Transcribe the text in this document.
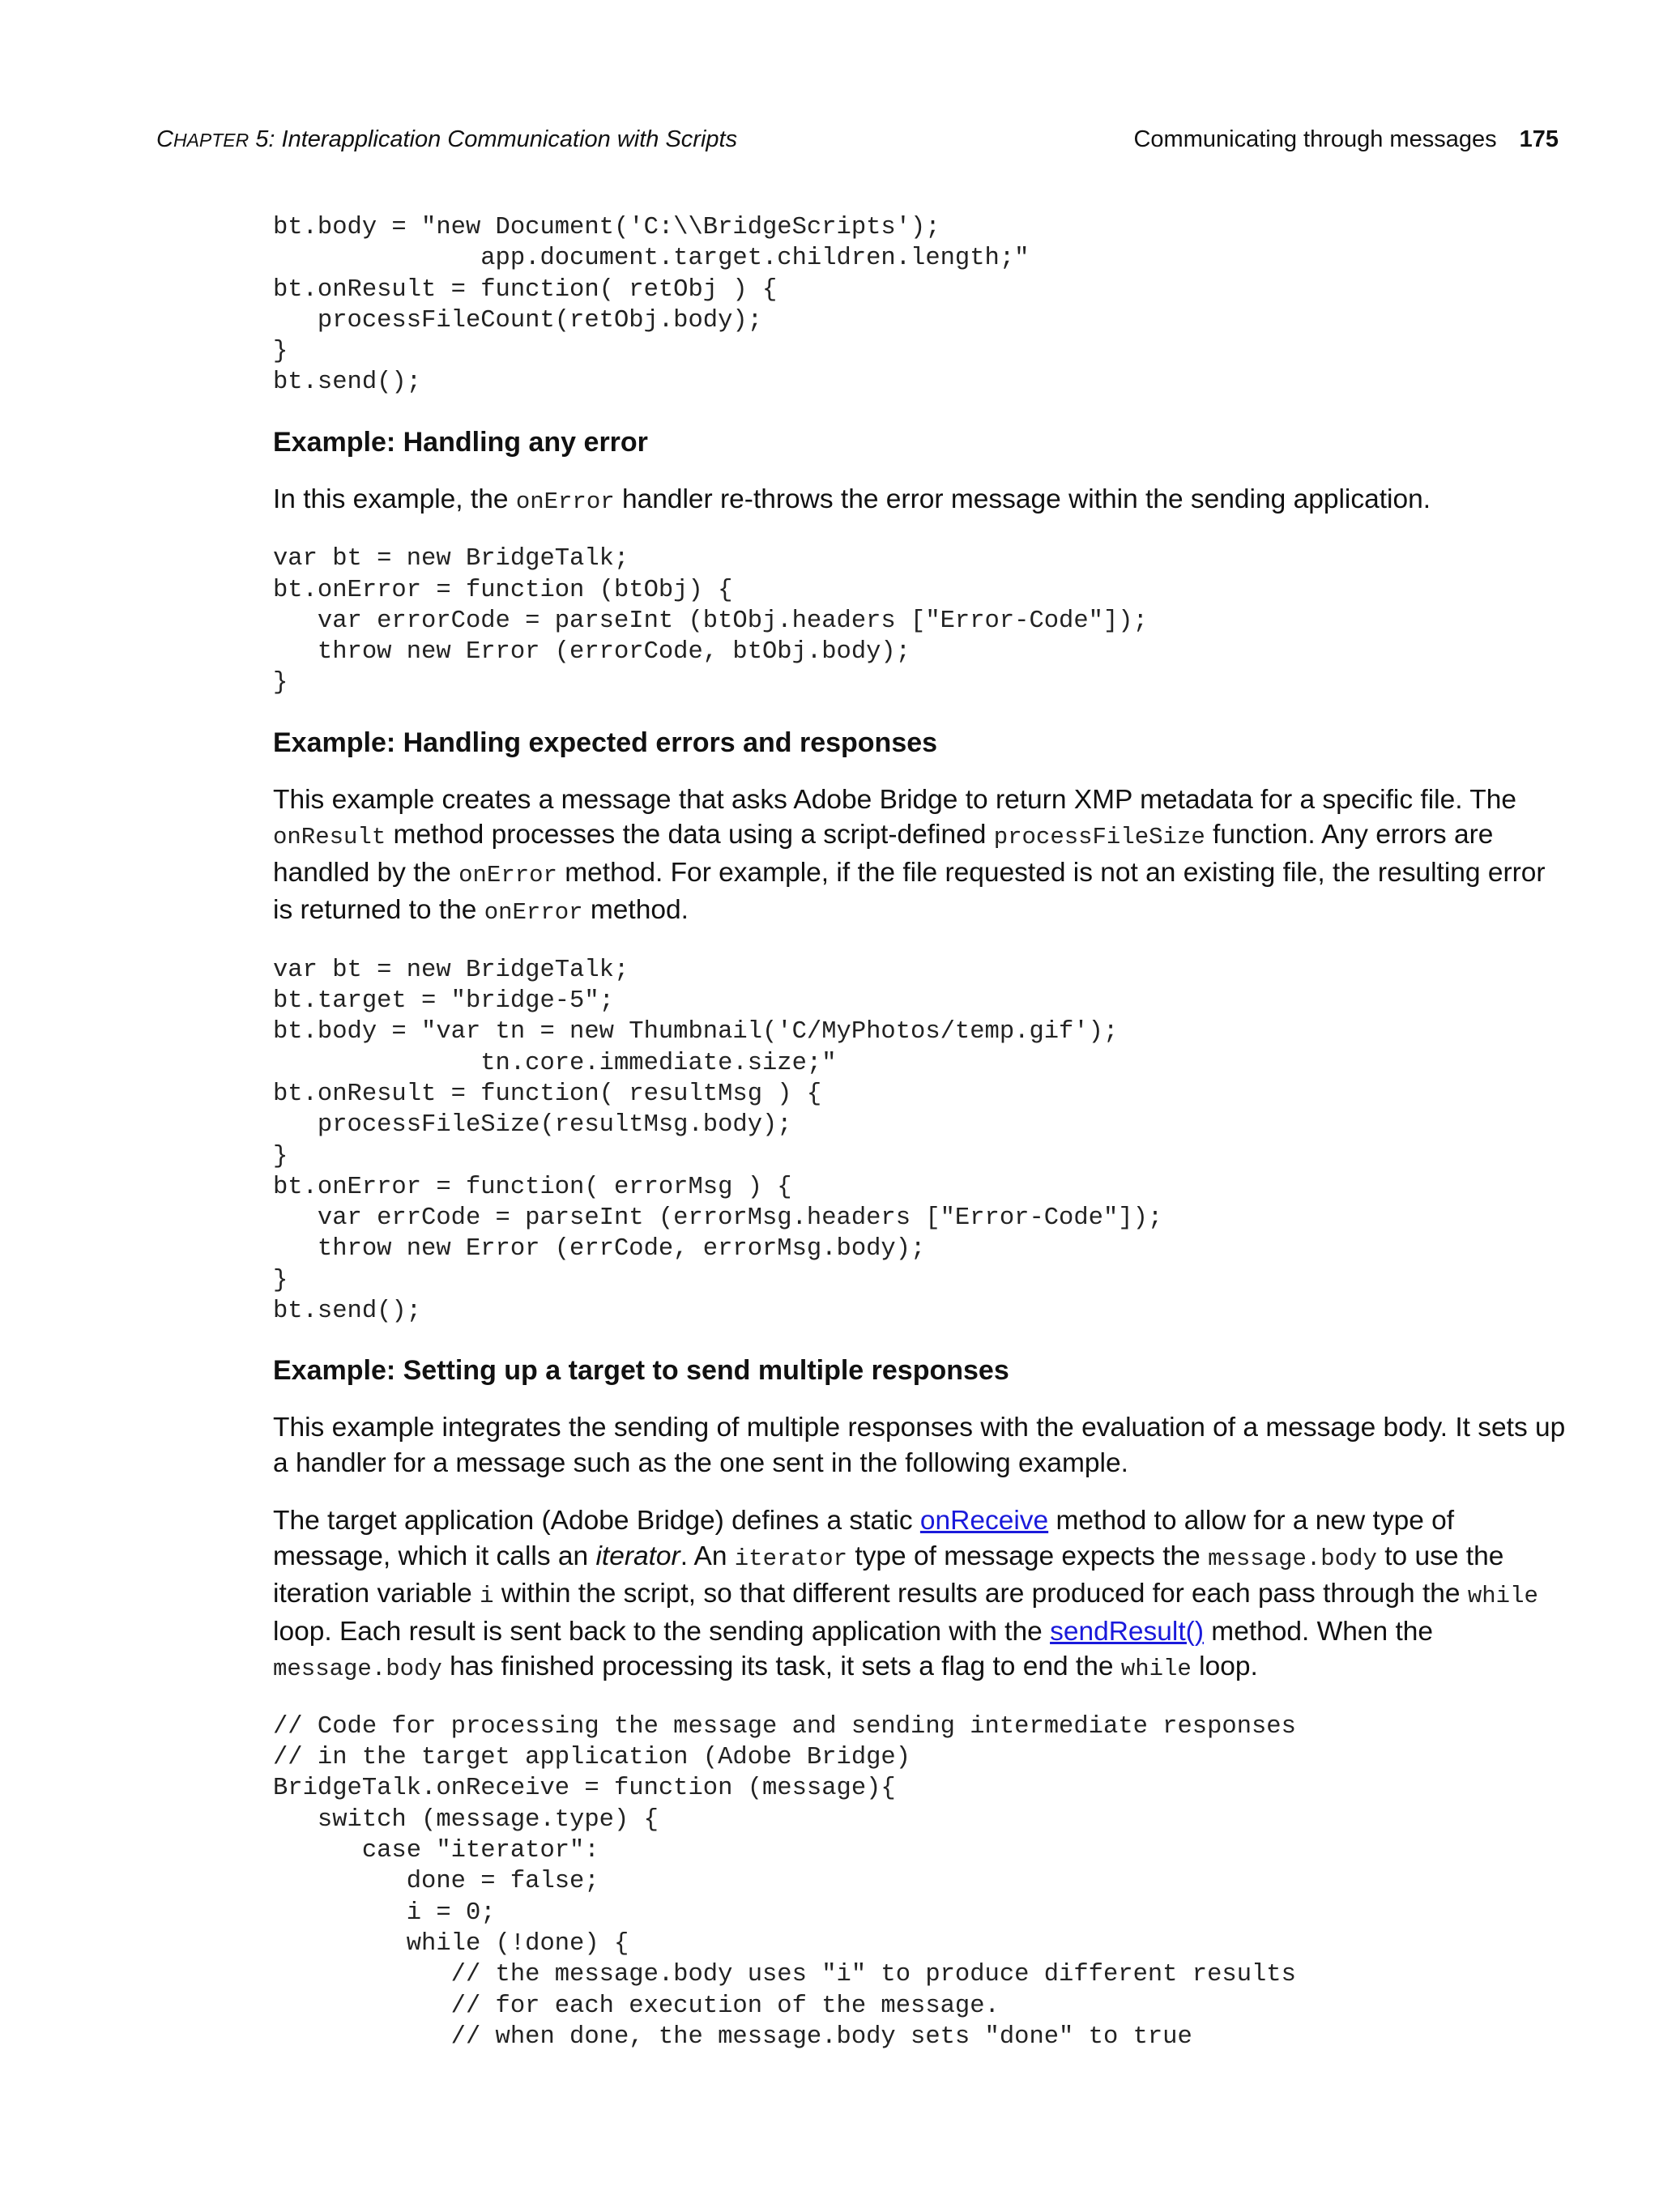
CHAPTER 5: Interapplication Communication with Scripts	Communicating through messages 175
bt.body = "new Document('C:\\BridgeScripts');
app.document.target.children.length;"
bt.onResult = function( retObj ) {
processFileCount(retObj.body);
}
bt.send();
Example: Handling any error

In this example, the onError handler re-throws the error message within the sending application.

var bt = new BridgeTalk;
bt.onError = function (btObj) {
var errorCode = parseInt (btObj.headers ["Error-Code"]);
throw new Error (errorCode, btObj.body);
}
Example: Handling expected errors and responses

This example creates a message that asks Adobe Bridge to return XMP metadata for a specific file. The onResult method processes the data using a script-defined processFileSize function. Any errors are handled by the onError method. For example, if the file requested is not an existing file, the resulting error is returned to the onError method.

var bt = new BridgeTalk;
bt.target = "bridge-5";
bt.body = "var tn = new Thumbnail('C/MyPhotos/temp.gif');
tn.core.immediate.size;"
bt.onResult = function( resultMsg ) {
processFileSize(resultMsg.body);
}
bt.onError = function( errorMsg ) {
var errCode = parseInt (errorMsg.headers ["Error-Code"]);
throw new Error (errCode, errorMsg.body);
}
bt.send();
Example: Setting up a target to send multiple responses

This example integrates the sending of multiple responses with the evaluation of a message body. It sets up a handler for a message such as the one sent in the following example.

The target application (Adobe Bridge) defines a static onReceive method to allow for a new type of message, which it calls an iterator. An iterator type of message expects the message.body to use the iteration variable i within the script, so that different results are produced for each pass through the while loop. Each result is sent back to the sending application with the sendResult() method. When the message.body has finished processing its task, it sets a flag to end the while loop.

// Code for processing the message and sending intermediate responses
// in the target application (Adobe Bridge)
BridgeTalk.onReceive = function (message){
switch (message.type) {
case "iterator":
done = false;
i = 0;
while (!done) {
// the message.body uses "i" to produce different results
// for each execution of the message.
// when done, the message.body sets "done" to true
